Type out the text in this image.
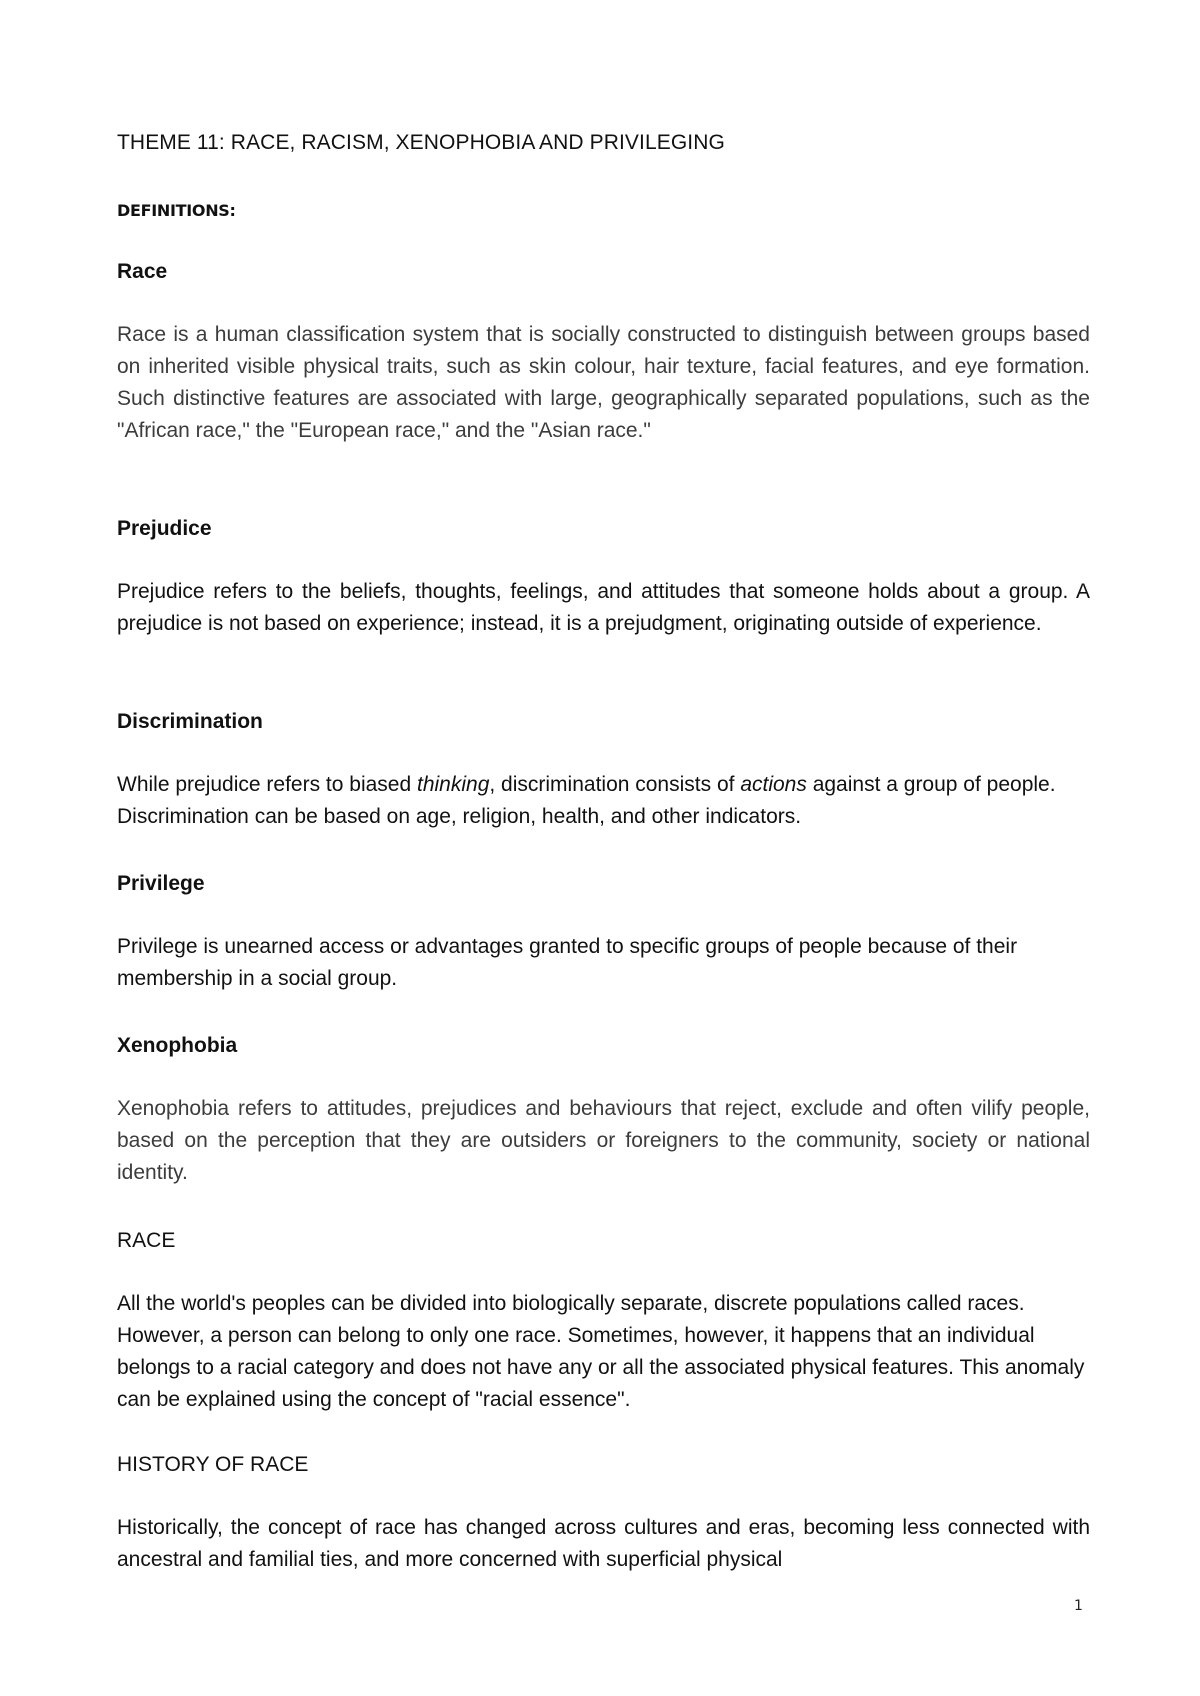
THEME 11: RACE, RACISM, XENOPHOBIA AND PRIVILEGING
DEFINITIONS:
Race

Race is a human classification system that is socially constructed to distinguish between groups based on inherited visible physical traits, such as skin colour, hair texture, facial features, and eye formation. Such distinctive features are associated with large, geographically separated populations, such as the "African race," the "European race," and the "Asian race."

Prejudice

Prejudice refers to the beliefs, thoughts, feelings, and attitudes that someone holds about a group. A prejudice is not based on experience; instead, it is a prejudgment, originating outside of experience.

Discrimination

While prejudice refers to biased thinking, discrimination consists of actions against a group of people. Discrimination can be based on age, religion, health, and other indicators.

Privilege

Privilege is unearned access or advantages granted to specific groups of people because of their membership in a social group.

Xenophobia

Xenophobia refers to attitudes, prejudices and behaviours that reject, exclude and often vilify people, based on the perception that they are outsiders or foreigners to the community, society or national identity.

RACE

All the world's peoples can be divided into biologically separate, discrete populations called races. However, a person can belong to only one race. Sometimes, however, it happens that an individual belongs to a racial category and does not have any or all the associated physical features. This anomaly can be explained using the concept of "racial essence".

HISTORY OF RACE

Historically, the concept of race has changed across cultures and eras, becoming less connected with ancestral and familial ties, and more concerned with superficial physical

1
